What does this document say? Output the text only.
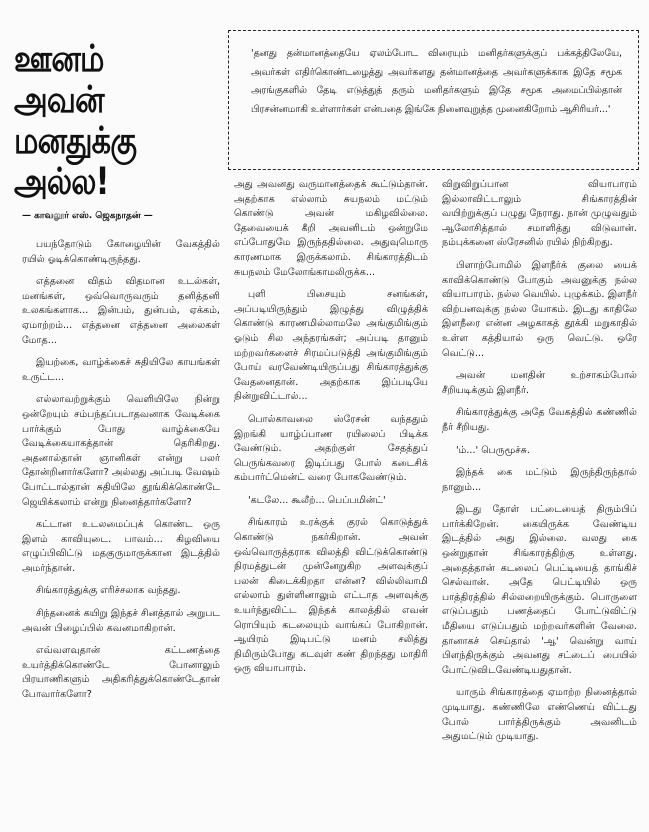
ஊனம்
அவன்
மனதுக்கு
அல்ல!
— காவலூர் எஸ். ஜெகநாதன் —
'தனது தன்மானத்தையே ஏலம்போட விரையும் மனிதர்களுக்குப் பக்கத்திலேயே, அவர்கள் எதிர்கொண்டழைத்து அவர்களது தன்மானத்தை அவர்களுக்காக இதே சமூக அரங்குகளில் தேடி எடுத்துத் தரும் மனிதர்களும் இதே சமூக அமைப்பில்தான் பிரசன்னமாகி உள்ளார்கள் என்பதை இங்கே நினைவுறுத்த முனைகிறோம் ஆசிரியர்...'

பயந்தோடும் கோழையின் வேகத்தில் ரயில் ஓடிக்கொண்டிருந்தது.

எத்தனை விதம் விதமான உடல்கள், மனங்கள், ஒவ்வொருவரும் தனித்தனி உலகங்களாக... இன்பம், துன்பம், ஏக்கம், ஏமாற்றம்... எத்தனை எத்தனை அலைகள் மோத...

இயற்கை, வாழ்க்கைச் சுதியிலே காயங்கள் உருட்ட...

எல்லாவற்றுக்கும் வெளியிலே நின்று ஒன்றேயும் சம்பந்தப்படாதவனாக வேடிக்கை பார்க்கும் போது வாழ்க்கையே வேடிக்கையாகத்தான் தெரிகிறது. அதனால்தான் ஞானிகள் என்று பலர் தோன்றினார்களோ? அல்லது அப்படி வேஷம் போட்டால்தான் சுதியிலே தூங்கிக்கொண்டே ஜெயிக்கலாம் என்று நினைத்தார்களோ?

கட்டான உடலமைப்புக் கொண்ட ஒரு இளம் காவியுடை. பாவம்... கிழவியை எழுப்பிவிட்டு மதகுருமாருக்கான இடத்தில் அமர்ந்தான்.

சிங்காரத்துக்கு எரிச்சலாக வந்தது.

சிந்தனைக் கயிறு இந்தச் சினத்தால் அறுபட அவன் பிழைப்பில் கவனமாகிறான்.

எவ்வளவுதான் கட்டணத்தை உயர்த்திக்கொண்டே போனாலும் பிரயாணிகளும் அதிகரித்துக்கொண்டேதான் போவார்களோ?

அது அவனது வருமானத்தைக் கூட்டும்தான். அதற்காக எல்லாம் சுயநலம் மட்டும் கொண்டு அவன் மகிழவில்லை. தேவையைக் கீறி அவனிடம் ஒன்றுமே எப்போதுமே இருந்ததில்லை. அதுவுமொரு காரணமாக இருக்கலாம். சிங்காரத்திடம் சுயநலம் மேலோங்காமலிருக்க...

புளி பிசையும் சனங்கள், அப்படியிருந்தும் இழுத்து விழுத்திக் கொண்டு காரணமில்லாமலே அங்குமிங்கும் ஓடும் சில அந்தரங்கள்; அப்படி தானும் மற்றவர்களைச் சிரமப்படுத்தி அங்குமிங்கும் போய் வரவேண்டியிருப்பது சிங்காரத்துக்கு வேதனைதான். அதற்காக இப்படியே நின்றுவிட்டால்...

பொல்காவலை ஸ்ரேசன் வந்ததும் இறங்கி யாழ்ப்பாண ரயிலைப் பிடிக்க வேண்டும். அதற்குள் சேதத்துப் பெருங்கவரை இடிப்பது போல் கடைசிக் கம்பார்ட்மென்ட் வரை போகவேண்டும்.

'கடலே... கூலீற்... பெப்பமின்ட்'

சிங்காரம் உரக்குக் குரல் கொடுத்துக் கொண்டு நகர்கிறான். அவன் ஒவ்வொருத்தராக விலத்தி விட்டுக்கொண்டு நிரமத்துடன் முன்னேறுகிற அளவுக்குப் பலன் கிடைக்கிறதா என்ன? வில்லிவாமி எல்லாம் துள்ளினாலும் எட்டாத அளவுக்கு உயர்ந்துவிட்ட இந்தக் காலத்தில் எவன் ரொபியும் கடலையும் வாங்கப் போகிறான். ஆயிரம் இடிபட்டு மனம் சலித்து நிமிரும்போது கடவுள் கண் திறந்தது மாதிரி ஒரு வியாபாரம்.

விறுவிறுப்பான வியாபாரம் இல்லாவிட்டாலும் சிங்காரத்தின் வயிற்றுக்குப் பழுது நேராது. நான் முழுவதும் ஆலோசித்தால் சமாளித்து விடுவான். நம்புக்கனை ஸ்ரேசனில் ரயில் நிற்கிறது.

பிளாற்போமில் இளநீர்க் குலை யைக் காவிக்கொண்டு போகும் அவனுக்கு நல்ல வியாபாரம். நல்ல வெயில். புழுக்கம். இளநீர் விற்பனவுக்கு நல்ல யோகம். இடது காதிலே இளநீரை என்ன அழகாகத் தூக்கி மறுகாதில் உள்ள கத்தியால் ஒரு வெட்டு. ஒரே வெட்டு...

அவன் மனதின் உற்சாகம்போல் சீறியடிக்கும் இளநீர்.

சிங்காரத்துக்கு அதே வேகத்தில் கண்ணில் நீர் சீறியது.

'ம்...' பெருமூச்சு.

இந்தக் கை மட்டும் இருந்திருந்தால் நானும்...

இடது தோள் பட்டையைத் திரும்பிப் பார்க்கிறேன். கையிருக்க வேண்டிய இடத்தில் அது இல்லை. வலது கை ஒன்றுதான் சிங்காரத்திற்கு உள்ளது. அதைத்தான் கடலைப் பெட்டியைத் தாங்கிச் செல்வான். அதே பெட்டியில் ஒரு பாத்திரத்தில் சில்லறையிருக்கும். பொருளை எடுப்பதும் பணத்தைப் போட்டுவிட்டு மீதியை எடுப்பதும் மற்றவர்களின் வேலை. தானாகச் செய்தால் 'ஆ' வென்று வாய் பிளந்திருக்கும் அவனது சட்டைப் பையில் போட்டுவிடவேண்டியதுதான்.

யாரும் சிங்காரத்தை ஏமாற்ற நினைத்தால் முடியாது. கண்ணிலே எண்ணெய் விட்டது போல் பார்த்திருக்கும் அவனிடம் அதுமட்டும் முடியாது.
